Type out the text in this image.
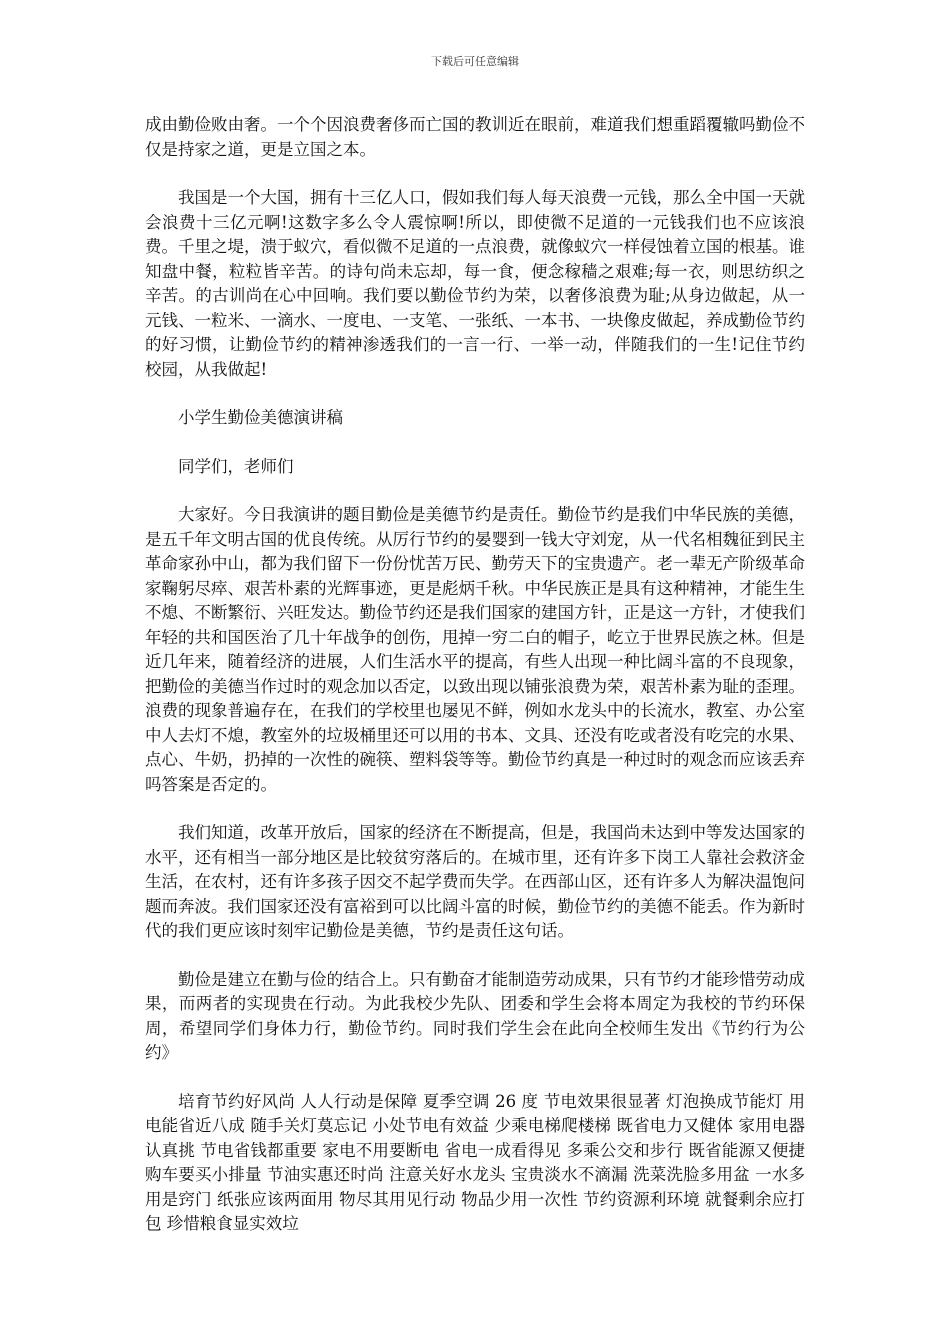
下载后可任意编辑

成由勤俭败由奢。一个个因浪费奢侈而亡国的教训近在眼前，难道我们想重蹈覆辙吗勤俭不仅是持家之道，更是立国之本。

我国是一个大国，拥有十三亿人口，假如我们每人每天浪费一元钱，那么全中国一天就会浪费十三亿元啊!这数字多么令人震惊啊!所以，即使微不足道的一元钱我们也不应该浪费。千里之堤，溃于蚁穴，看似微不足道的一点浪费，就像蚁穴一样侵蚀着立国的根基。谁知盘中餐，粒粒皆辛苦。的诗句尚未忘却，每一食，便念稼穑之艰难;每一衣，则思纺织之辛苦。的古训尚在心中回响。我们要以勤俭节约为荣，以奢侈浪费为耻;从身边做起，从一元钱、一粒米、一滴水、一度电、一支笔、一张纸、一本书、一块像皮做起，养成勤俭节约的好习惯，让勤俭节约的精神渗透我们的一言一行、一举一动，伴随我们的一生!记住节约校园，从我做起!

小学生勤俭美德演讲稿

同学们，老师们

大家好。今日我演讲的题目勤俭是美德节约是责任。勤俭节约是我们中华民族的美德，是五千年文明古国的优良传统。从厉行节约的晏婴到一钱大守刘宠，从一代名相魏征到民主革命家孙中山，都为我们留下一份份忧苦万民、勤劳天下的宝贵遗产。老一辈无产阶级革命家鞠躬尽瘁、艰苦朴素的光辉事迹，更是彪炳千秋。中华民族正是具有这种精神，才能生生不熄、不断繁衍、兴旺发达。勤俭节约还是我们国家的建国方针，正是这一方针，才使我们年轻的共和国医治了几十年战争的创伤，甩掉一穷二白的帽子，屹立于世界民族之林。但是近几年来，随着经济的进展，人们生活水平的提高，有些人出现一种比阔斗富的不良现象，把勤俭的美德当作过时的观念加以否定，以致出现以铺张浪费为荣，艰苦朴素为耻的歪理。浪费的现象普遍存在，在我们的学校里也屡见不鲜，例如水龙头中的长流水，教室、办公室中人去灯不熄，教室外的垃圾桶里还可以用的书本、文具、还没有吃或者没有吃完的水果、点心、牛奶，扔掉的一次性的碗筷、塑料袋等等。勤俭节约真是一种过时的观念而应该丢弃吗答案是否定的。

我们知道，改革开放后，国家的经济在不断提高，但是，我国尚未达到中等发达国家的水平，还有相当一部分地区是比较贫穷落后的。在城市里，还有许多下岗工人靠社会救济金生活，在农村，还有许多孩子因交不起学费而失学。在西部山区，还有许多人为解决温饱问题而奔波。我们国家还没有富裕到可以比阔斗富的时候，勤俭节约的美德不能丢。作为新时代的我们更应该时刻牢记勤俭是美德，节约是责任这句话。

勤俭是建立在勤与俭的结合上。只有勤奋才能制造劳动成果，只有节约才能珍惜劳动成果，而两者的实现贵在行动。为此我校少先队、团委和学生会将本周定为我校的节约环保周，希望同学们身体力行，勤俭节约。同时我们学生会在此向全校师生发出《节约行为公约》

培育节约好风尚 人人行动是保障 夏季空调 26 度 节电效果很显著 灯泡换成节能灯 用电能省近八成 随手关灯莫忘记 小处节电有效益 少乘电梯爬楼梯 既省电力又健体 家用电器认真挑 节电省钱都重要 家电不用要断电 省电一成看得见 多乘公交和步行 既省能源又便捷 购车要买小排量 节油实惠还时尚 注意关好水龙头 宝贵淡水不滴漏 洗菜洗脸多用盆 一水多用是窍门 纸张应该两面用 物尽其用见行动 物品少用一次性 节约资源利环境 就餐剩余应打包 珍惜粮食显实效垃
